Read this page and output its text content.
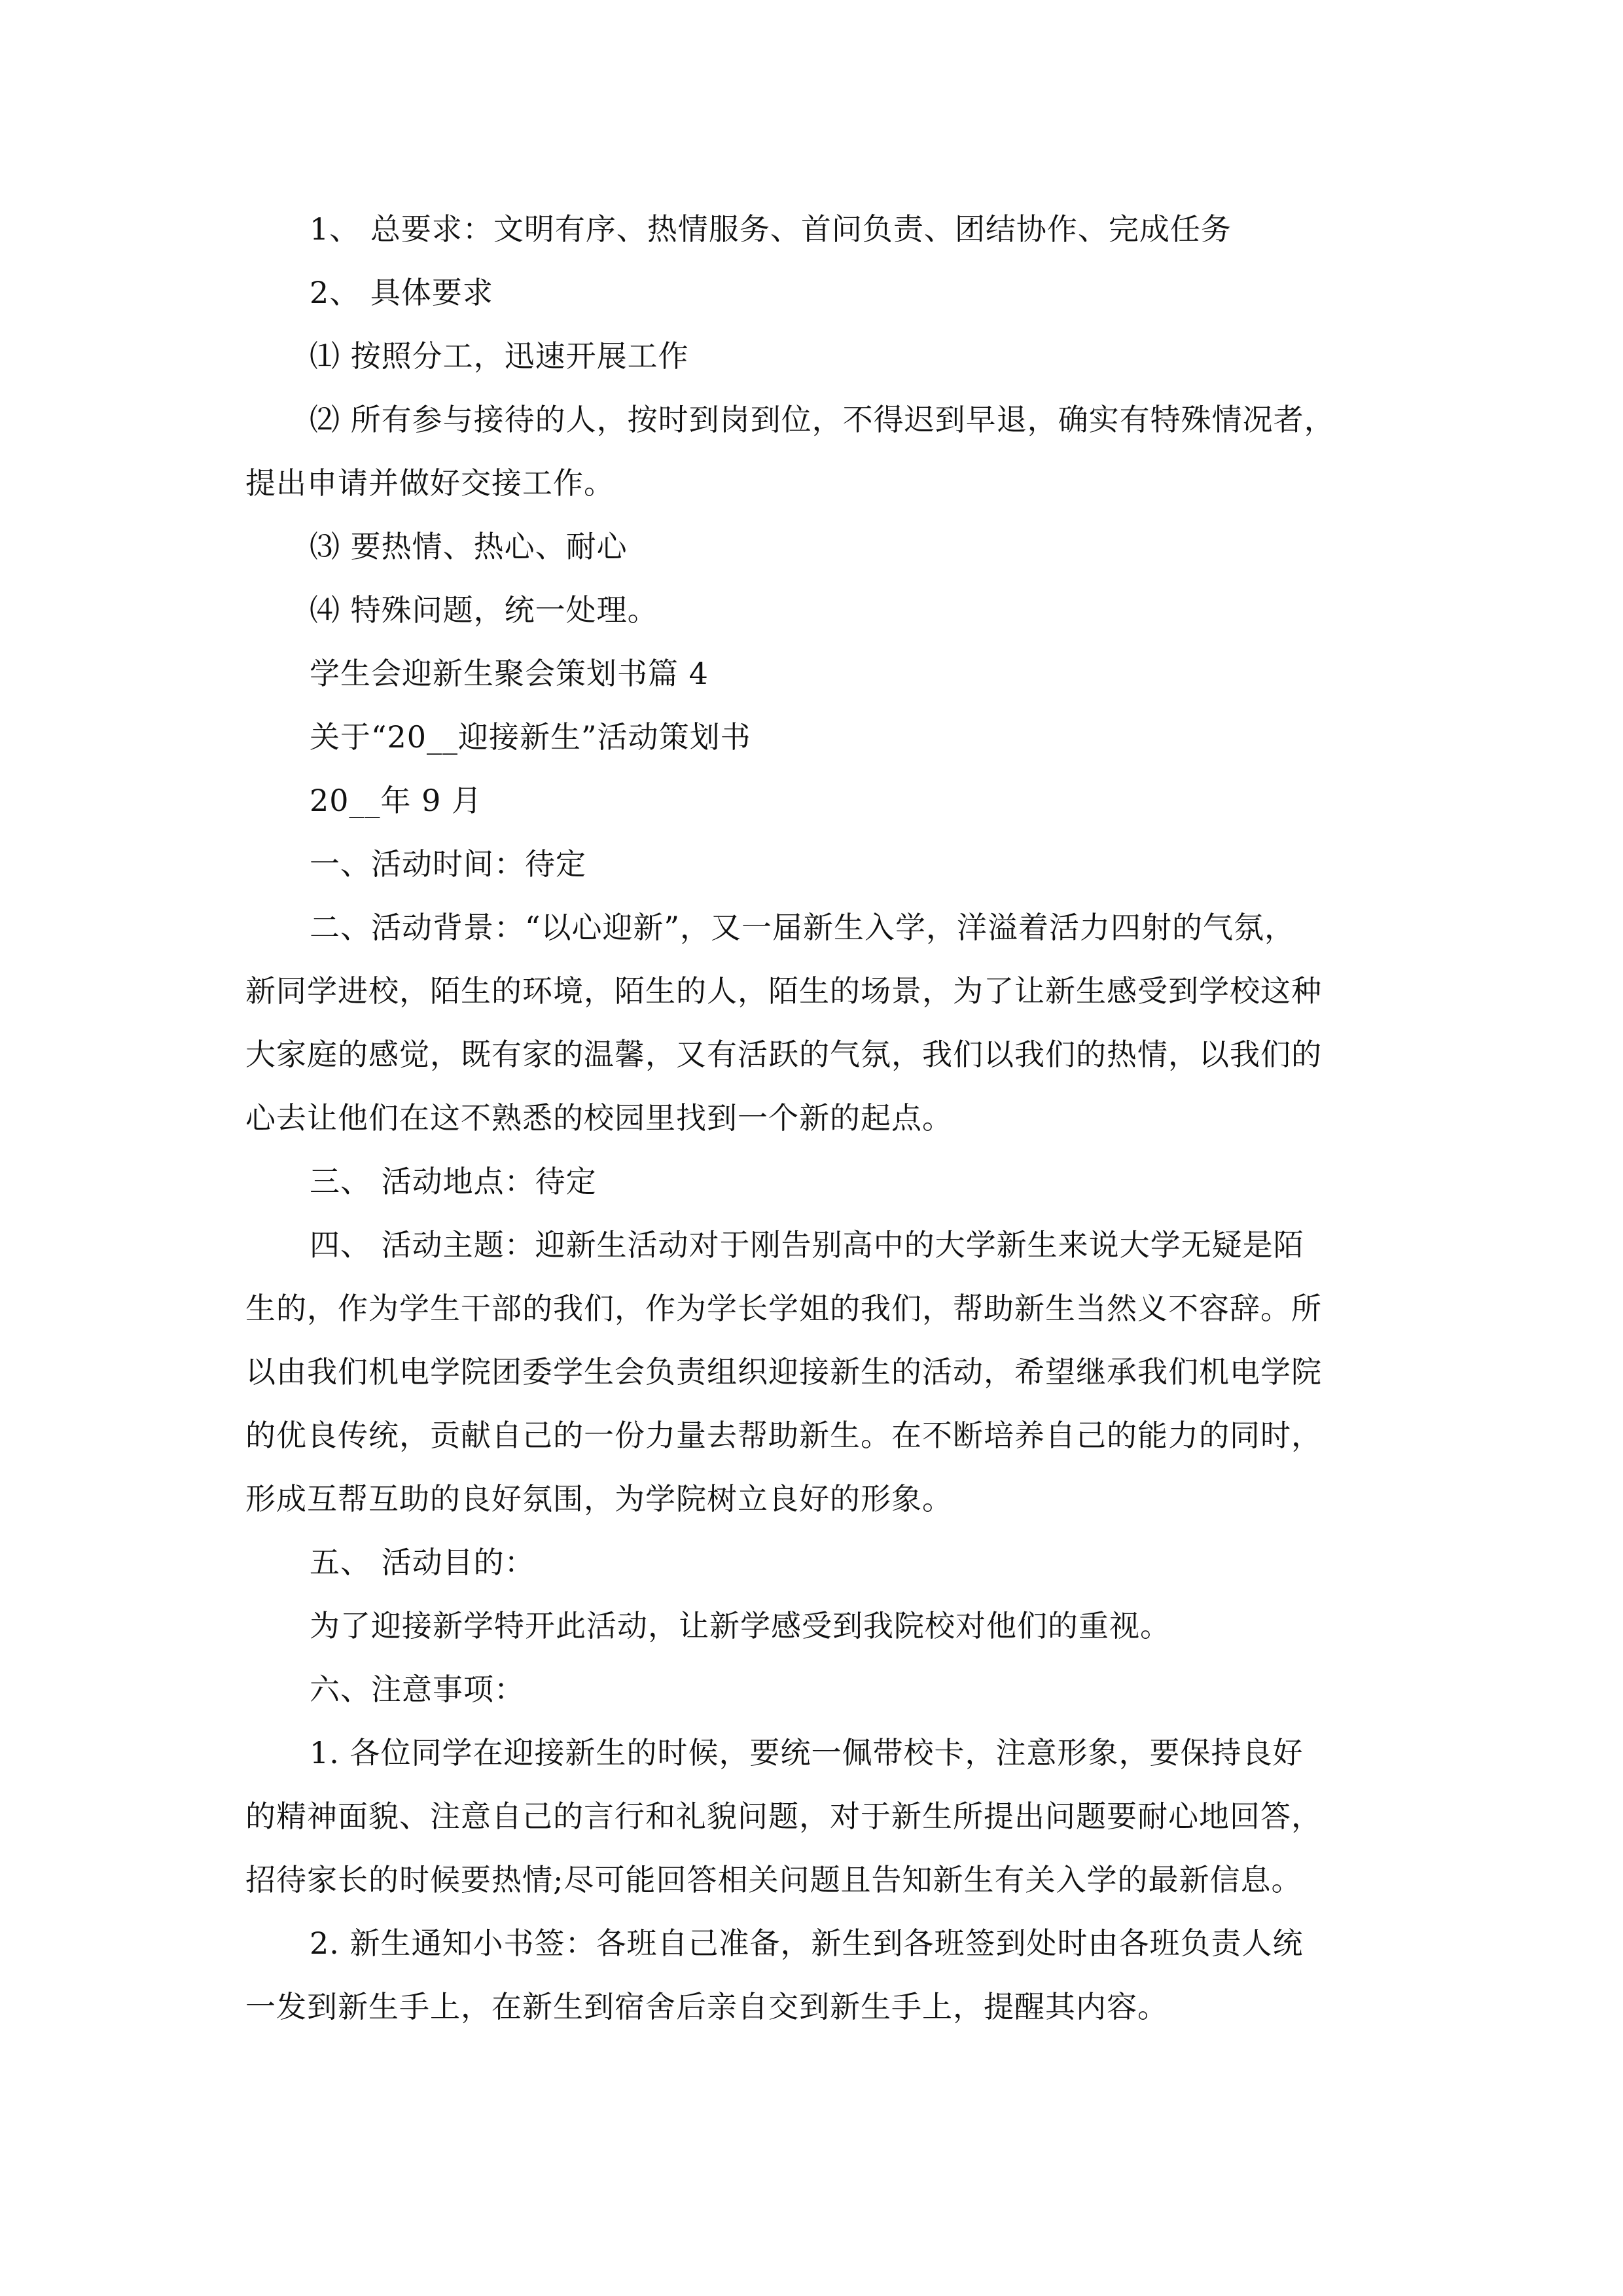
1、 总要求：文明有序、热情服务、首问负责、团结协作、完成任务
2、 具体要求
⑴ 按照分工，迅速开展工作
⑵ 所有参与接待的人，按时到岗到位，不得迟到早退，确实有特殊情况者，
提出申请并做好交接工作。
⑶ 要热情、热心、耐心
⑷ 特殊问题，统一处理。
学生会迎新生聚会策划书篇 4
关于“20__迎接新生”活动策划书
20__年 9 月
一、活动时间：待定
二、活动背景：“以心迎新”，又一届新生入学，洋溢着活力四射的气氛，
新同学进校，陌生的环境，陌生的人，陌生的场景，为了让新生感受到学校这种
大家庭的感觉，既有家的温馨，又有活跃的气氛，我们以我们的热情，以我们的
心去让他们在这不熟悉的校园里找到一个新的起点。
三、 活动地点：待定
四、 活动主题：迎新生活动对于刚告别高中的大学新生来说大学无疑是陌
生的，作为学生干部的我们，作为学长学姐的我们，帮助新生当然义不容辞。所
以由我们机电学院团委学生会负责组织迎接新生的活动，希望继承我们机电学院
的优良传统，贡献自己的一份力量去帮助新生。在不断培养自己的能力的同时，
形成互帮互助的良好氛围，为学院树立良好的形象。
五、 活动目的：
为了迎接新学特开此活动，让新学感受到我院校对他们的重视。
六、注意事项：
1. 各位同学在迎接新生的时候，要统一佩带校卡，注意形象，要保持良好
的精神面貌、注意自己的言行和礼貌问题，对于新生所提出问题要耐心地回答，
招待家长的时候要热情;尽可能回答相关问题且告知新生有关入学的最新信息。
2. 新生通知小书签：各班自己准备，新生到各班签到处时由各班负责人统
一发到新生手上，在新生到宿舍后亲自交到新生手上，提醒其内容。
